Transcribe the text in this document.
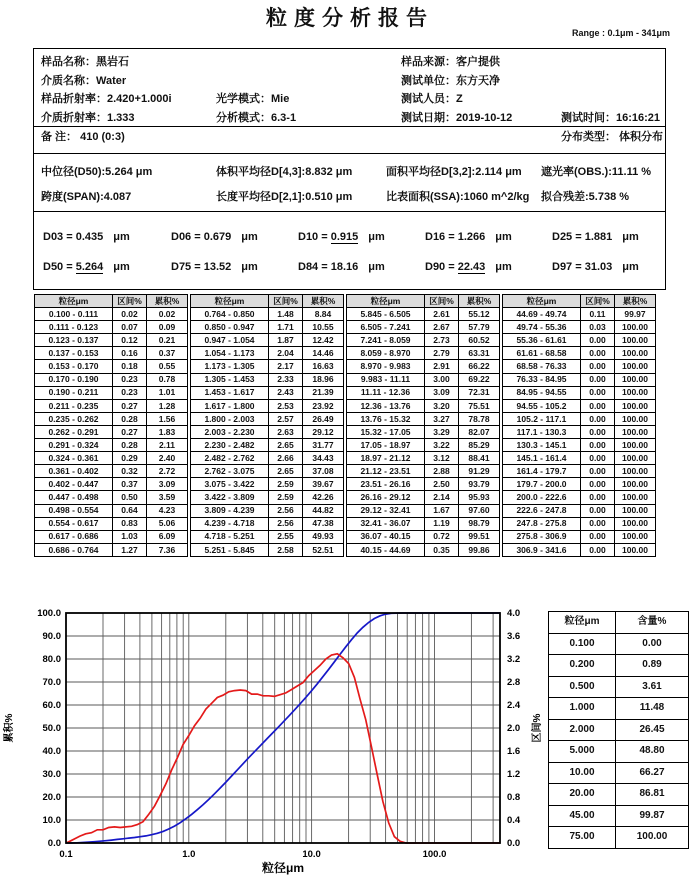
粒度分析报告
Range : 0.1μm - 341μm
样品名称：黑岩石	样品来源：客户提供
介质名称：Water	测试单位：东方天净
样品折射率：2.420+1.000i	光学模式：Mie	测试人员：Z
介质折射率：1.333	分析模式：6.3-1	测试日期：2019-10-12	测试时间：16:16:21
备 注： 410 (0:3)	分布类型： 体积分布
中位径(D50):5.264 μm	体积平均径D[4,3]:8.832 μm	面积平均径D[3,2]:2.114 μm	遮光率(OBS.):11.11 %
跨度(SPAN):4.087	长度平均径D[2,1]:0.510 μm	比表面积(SSA):1060 m^2/kg	拟合残差:5.738 %
D03 = 0.435 μm	D06 = 0.679 μm	D10 = 0.915 μm	D16 = 1.266 μm	D25 = 1.881 μm
D50 = 5.264 μm	D75 = 13.52 μm	D84 = 18.16 μm	D90 = 22.43 μm	D97 = 31.03 μm
粒径μm	区间%	累积%
0.100 - 0.111	0.02	0.02
0.111 - 0.123	0.07	0.09
0.123 - 0.137	0.12	0.21
0.137 - 0.153	0.16	0.37
0.153 - 0.170	0.18	0.55
0.170 - 0.190	0.23	0.78
0.190 - 0.211	0.23	1.01
0.211 - 0.235	0.27	1.28
0.235 - 0.262	0.28	1.56
0.262 - 0.291	0.27	1.83
0.291 - 0.324	0.28	2.11
0.324 - 0.361	0.29	2.40
0.361 - 0.402	0.32	2.72
0.402 - 0.447	0.37	3.09
0.447 - 0.498	0.50	3.59
0.498 - 0.554	0.64	4.23
0.554 - 0.617	0.83	5.06
0.617 - 0.686	1.03	6.09
0.686 - 0.764	1.27	7.36
粒径μm	区间%	累积%
0.764 - 0.850	1.48	8.84
0.850 - 0.947	1.71	10.55
0.947 - 1.054	1.87	12.42
1.054 - 1.173	2.04	14.46
1.173 - 1.305	2.17	16.63
1.305 - 1.453	2.33	18.96
1.453 - 1.617	2.43	21.39
1.617 - 1.800	2.53	23.92
1.800 - 2.003	2.57	26.49
2.003 - 2.230	2.63	29.12
2.230 - 2.482	2.65	31.77
2.482 - 2.762	2.66	34.43
2.762 - 3.075	2.65	37.08
3.075 - 3.422	2.59	39.67
3.422 - 3.809	2.59	42.26
3.809 - 4.239	2.56	44.82
4.239 - 4.718	2.56	47.38
4.718 - 5.251	2.55	49.93
5.251 - 5.845	2.58	52.51
粒径μm	区间%	累积%
5.845 - 6.505	2.61	55.12
6.505 - 7.241	2.67	57.79
7.241 - 8.059	2.73	60.52
8.059 - 8.970	2.79	63.31
8.970 - 9.983	2.91	66.22
9.983 - 11.11	3.00	69.22
11.11 - 12.36	3.09	72.31
12.36 - 13.76	3.20	75.51
13.76 - 15.32	3.27	78.78
15.32 - 17.05	3.29	82.07
17.05 - 18.97	3.22	85.29
18.97 - 21.12	3.12	88.41
21.12 - 23.51	2.88	91.29
23.51 - 26.16	2.50	93.79
26.16 - 29.12	2.14	95.93
29.12 - 32.41	1.67	97.60
32.41 - 36.07	1.19	98.79
36.07 - 40.15	0.72	99.51
40.15 - 44.69	0.35	99.86
粒径μm	区间%	累积%
44.69 - 49.74	0.11	99.97
49.74 - 55.36	0.03	100.00
55.36 - 61.61	0.00	100.00
61.61 - 68.58	0.00	100.00
68.58 - 76.33	0.00	100.00
76.33 - 84.95	0.00	100.00
84.95 - 94.55	0.00	100.00
94.55 - 105.2	0.00	100.00
105.2 - 117.1	0.00	100.00
117.1 - 130.3	0.00	100.00
130.3 - 145.1	0.00	100.00
145.1 - 161.4	0.00	100.00
161.4 - 179.7	0.00	100.00
179.7 - 200.0	0.00	100.00
200.0 - 222.6	0.00	100.00
222.6 - 247.8	0.00	100.00
247.8 - 275.8	0.00	100.00
275.8 - 306.9	0.00	100.00
306.9 - 341.6	0.00	100.00
0.0
10.0
20.0
30.0
40.0
50.0
60.0
70.0
80.0
90.0
100.0
0.0
0.4
0.8
1.2
1.6
2.0
2.4
2.8
3.2
3.6
4.0
0.1	1.0	10.0	100.0
粒径μm
累积%	区间%
粒径μm	含量%
0.100	0.00
0.200	0.89
0.500	3.61
1.000	11.48
2.000	26.45
5.000	48.80
10.00	66.27
20.00	86.81
45.00	99.87
75.00	100.00
